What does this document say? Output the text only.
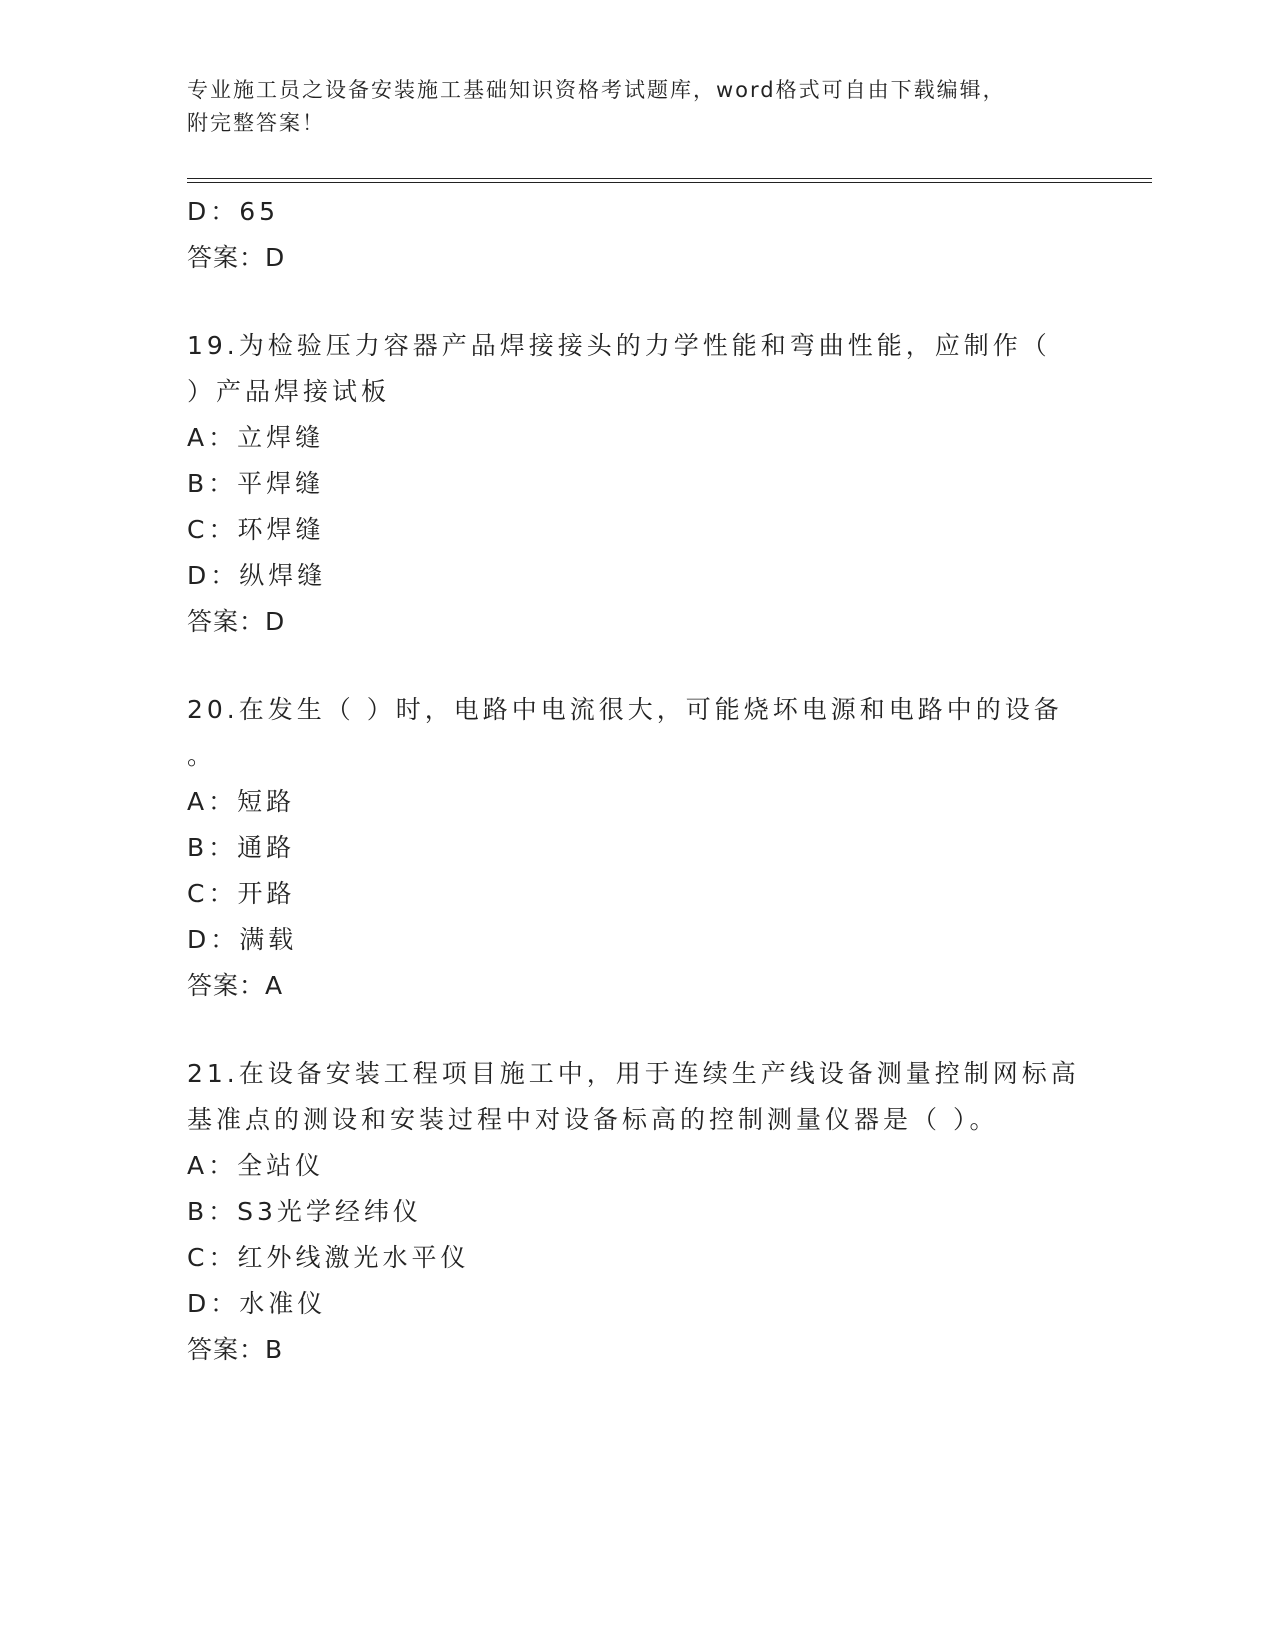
专业施工员之设备安装施工基础知识资格考试题库，word格式可自由下载编辑，
附完整答案！
D：65
答案：D
19.为检验压力容器产品焊接接头的力学性能和弯曲性能，应制作（
）产品焊接试板
A：立焊缝
B：平焊缝
C：环焊缝
D：纵焊缝
答案：D
20.在发生（ ）时，电路中电流很大，可能烧坏电源和电路中的设备
。
A：短路
B：通路
C：开路
D：满载
答案：A
21.在设备安装工程项目施工中，用于连续生产线设备测量控制网标高
基准点的测设和安装过程中对设备标高的控制测量仪器是（ ）。
A：全站仪
B：S3光学经纬仪
C：红外线激光水平仪
D：水准仪
答案：B
